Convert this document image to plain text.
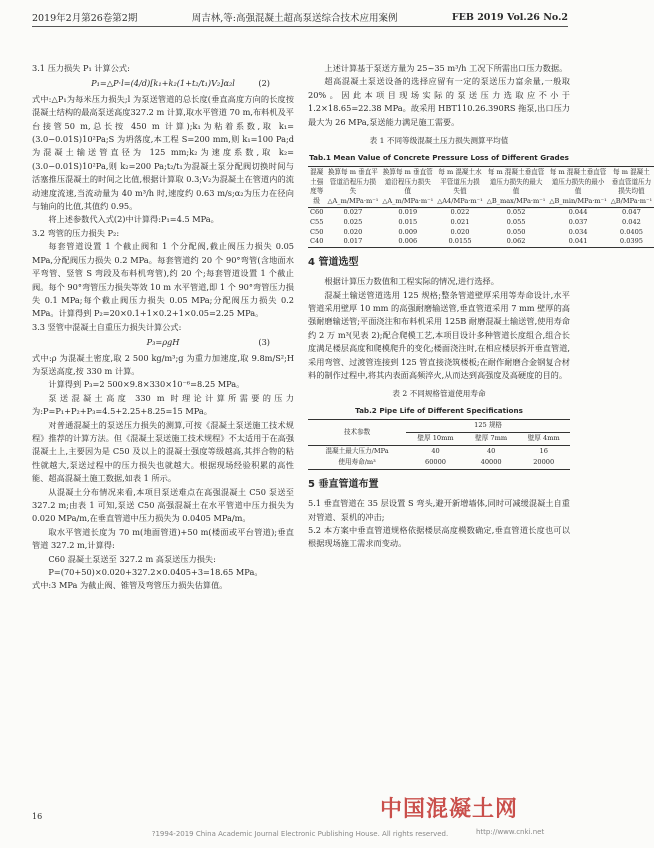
2019年2月第26卷第2期	周吉林,等:高强混凝土超高泵送综合技术应用案例	FEB 2019 Vol.26 No.2

3.1 压力损失 P₁ 计算公式:

P₁=△P·l=(4/d)[k₁+k₂(1+t₂/t₁)V₂]α₂l	(2)

式中:△P₁为每米压力损失;l 为泵送管道的总长度(垂直高度方向的长度按混凝土结构的最高泵送高度327.2 m 计算,取水平管道 70 m,布料机及平台接管50 m,总长按 450 m 计算);k₁为粘着系数,取 k₁=(3.0−0.01S)10²Pa;S 为坍落度,本工程 S=200 mm,则 k₁=100 Pa;d 为混凝土输送管直径为 125 mm;k₂为速度系数,取 k₂=(3.0−0.01S)10²Pa,则 k₂=200 Pa;t₂/t₁为混凝土泵分配阀切换时间与活塞推压混凝土的时间之比值,根据计算取 0.3;V₂为混凝土在管道内的流动速度流速,当流动量为 40 m³/h 时,速度约 0.63 m/s;α₂为压力在径向与轴向的比值,其值约 0.95。

将上述参数代入式(2)中计算得:P₁=4.5 MPa。

3.2 弯管的压力损失 P₂:

每套管道设置 1 个截止阀和 1 个分配阀,截止阀压力损失 0.05 MPa,分配阀压力损失 0.2 MPa。每套管道约 20 个 90°弯管(含地面水平弯管、竖管 S 弯段及布料机弯管),约 20 个;每套管道设置 1 个截止阀。每个 90°弯管压力损失等效 10 m 水平管道,即 1 个 90°弯管压力损失 0.1 MPa;每个截止阀压力损失 0.05 MPa;分配阀压力损失 0.2 MPa。计算得到 P₂=20×0.1+1×0.2+1×0.05=2.25 MPa。

3.3 竖管中混凝土自重压力损失计算公式:

P₃=ρgH	(3)

式中:ρ 为混凝土密度,取 2 500 kg/m³;g 为重力加速度,取 9.8m/S²;H 为泵送高度,按 330 m 计算。

计算得到 P₃=2 500×9.8×330×10⁻⁶=8.25 MPa。

泵送混凝土高度 330 m 时理论计算所需要的压力为:P=P₁+P₂+P₃=4.5+2.25+8.25=15 MPa。

对普通混凝土的泵送压力损失的测算,可按《混凝土泵送施工技术规程》推荐的计算方法。但《混凝土泵送施工技术规程》不太适用于在高强混凝土上,主要因为是 C50 及以上的混凝土强度等级越高,其拌合物的粘性就越大,泵送过程中的压力损失也就越大。根据现场经验积累的高性能、超高混凝土施工数据,如表 1 所示。

从混凝土分布情况来看,本项目泵送难点在高强混凝土 C50 泵送至 327.2 m;由表 1 可知,泵送 C50 高强混凝土在水平管道中压力损失为 0.020 MPa/m,在垂直管道中压力损失为 0.0405 MPa/m。

取水平管道长度为 70 m(地面管道)+50 m(楼面或平台管道);垂直管道 327.2 m,计算得:

C60 混凝土泵送至 327.2 m 高泵送压力损失:

P=(70+50)×0.020+327.2×0.0405+3=18.65 MPa。

式中:3 MPa 为截止阀、锥管及弯管压力损失估算值。

上述计算基于泵送方量为 25~35 m³/h 工况下所需出口压力数据。

超高混凝土泵送设备的选择应留有一定的泵送压力富余量,一般取 20%。因此本项目现场实际的泵送压力选取应不小于 1.2×18.65=22.38 MPa。故采用 HBT110.26.390RS 拖泵,出口压力最大为 26 MPa,泵送能力满足施工需要。

表 1 不同等级混凝土压力损失测算平均值
Tab.1 Mean Value of Concrete Pressure Loss of Different Grades
混凝土强度等级	换算每 m 垂直平管道沿程压力损失△A_m/MPa·m⁻¹	换算每 m 垂直管道沿程压力损失值△A_m/MPa·m⁻¹	每 m 混凝土水平管道压力损失值△A4/MPa·m⁻¹	每 m 混凝土垂直管道压力损失的最大值△B_max/MPa·m⁻¹	每 m 混凝土垂直管道压力损失的最小值△B_min/MPa·m⁻¹	每 m 混凝土垂直管道压力损失均值△B/MPa·m⁻¹
C60	0.027	0.019	0.022	0.052	0.044	0.047
C55	0.025	0.015	0.021	0.055	0.037	0.042
C50	0.020	0.009	0.020	0.050	0.034	0.0405
C40	0.017	0.006	0.0155	0.062	0.041	0.0395
4 管道选型

根据计算压力数值和工程实际的情况,进行选择。

混凝土输送管道选用 125 规格;整条管道壁厚采用等寿命设计,水平管道采用壁厚 10 mm 的高强耐磨输送管,垂直管道采用 7 mm 壁厚的高强耐磨输送管;平面浇注和布料机采用 125B 耐磨混凝土输送管,使用寿命约 2 万 m³(见表 2);配合爬模工艺,本项目设计多种管道长度组合,组合长度满足楼层高度和爬模爬升的变化;楼面浇注时,在相应楼层拆开垂直管道,采用弯管、过渡管连接到 125 管直接浇筑楼板;在耐作耐磨合金钢复合材料的制作过程中,将其内表面高频淬火,从而达到高强度及高硬度的目的。

表 2 不同规格管道使用寿命
Tab.2 Pipe Life of Different Specifications
技术参数	125 规格		
	壁厚 10mm	壁厚 7mm	壁厚 4mm
混凝土最大压力/MPa	40	40	16
使用寿命/m³	60000	40000	20000
5 垂直管道布置

5.1 垂直管道在 35 层设置 S 弯头,避开新增墙体,同时可减缓混凝土自重对管道、泵机的冲击;

5.2 本方案中垂直管道规格依据楼层高度模数确定,垂直管道长度也可以根据现场施工需求而变动。

16	中国混凝土网
?1994-2019 China Academic Journal Electronic Publishing House. All rights reserved.	http://www.cnki.net
